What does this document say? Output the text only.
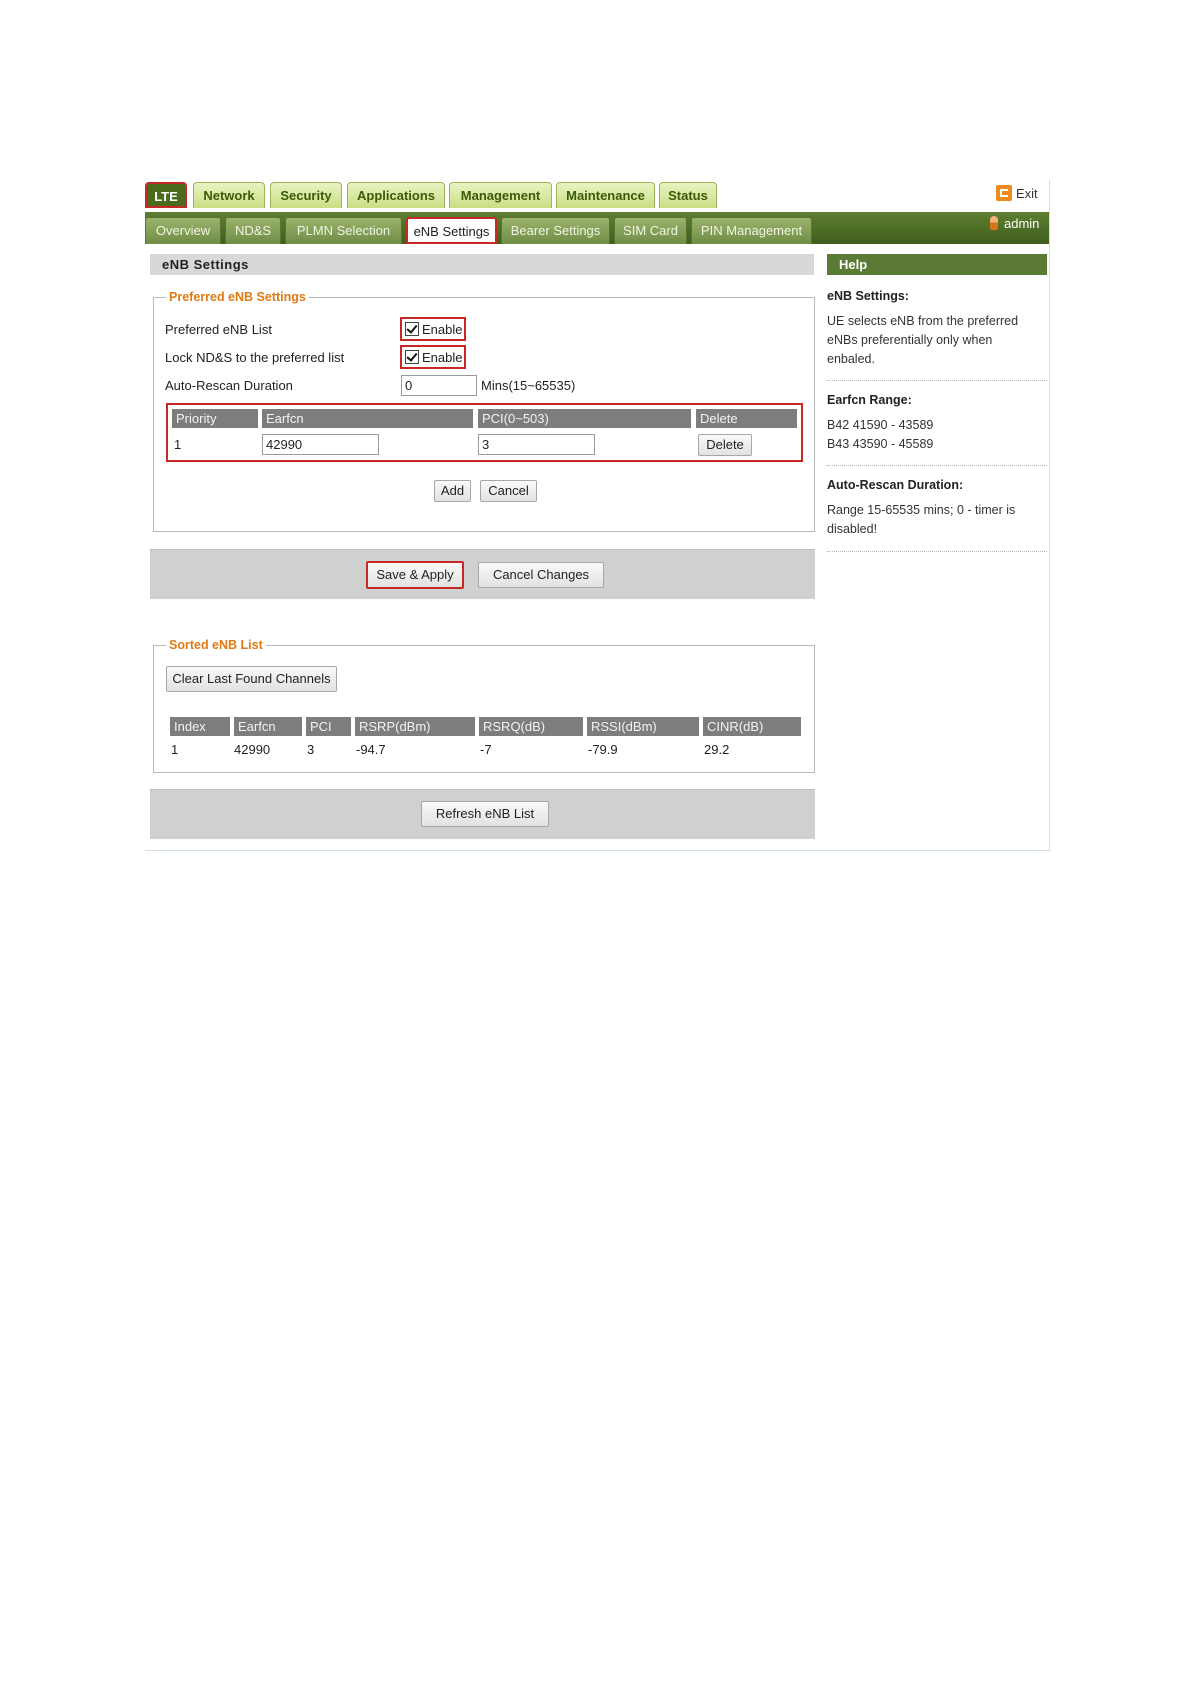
LTE	Network	Security	Applications	Management	Maintenance	Status	Exit
Overview	ND&S	PLMN Selection	eNB Settings	Bearer Settings	SIM Card	PIN Management	admin
eNB Settings	Help
Preferred eNB Settings
Preferred eNB List	Enable
Lock ND&S to the preferred list	Enable
Auto-Rescan Duration	0	Mins(15~65535)
Priority	Earfcn	PCI(0~503)	Delete
1	42990	3	Delete
Add	Cancel
Save & Apply	Cancel Changes
Sorted eNB List
Clear Last Found Channels
Index	Earfcn	PCI	RSRP(dBm)	RSRQ(dB)	RSSI(dBm)	CINR(dB)
1	42990	3	-94.7	-7	-79.9	29.2
Refresh eNB List
eNB Settings:
UE selects eNB from the preferred eNBs preferentially only when enbaled.
Earfcn Range:
B42 41590 - 43589
B43 43590 - 45589
Auto-Rescan Duration:
Range 15-65535 mins; 0 - timer is disabled!
